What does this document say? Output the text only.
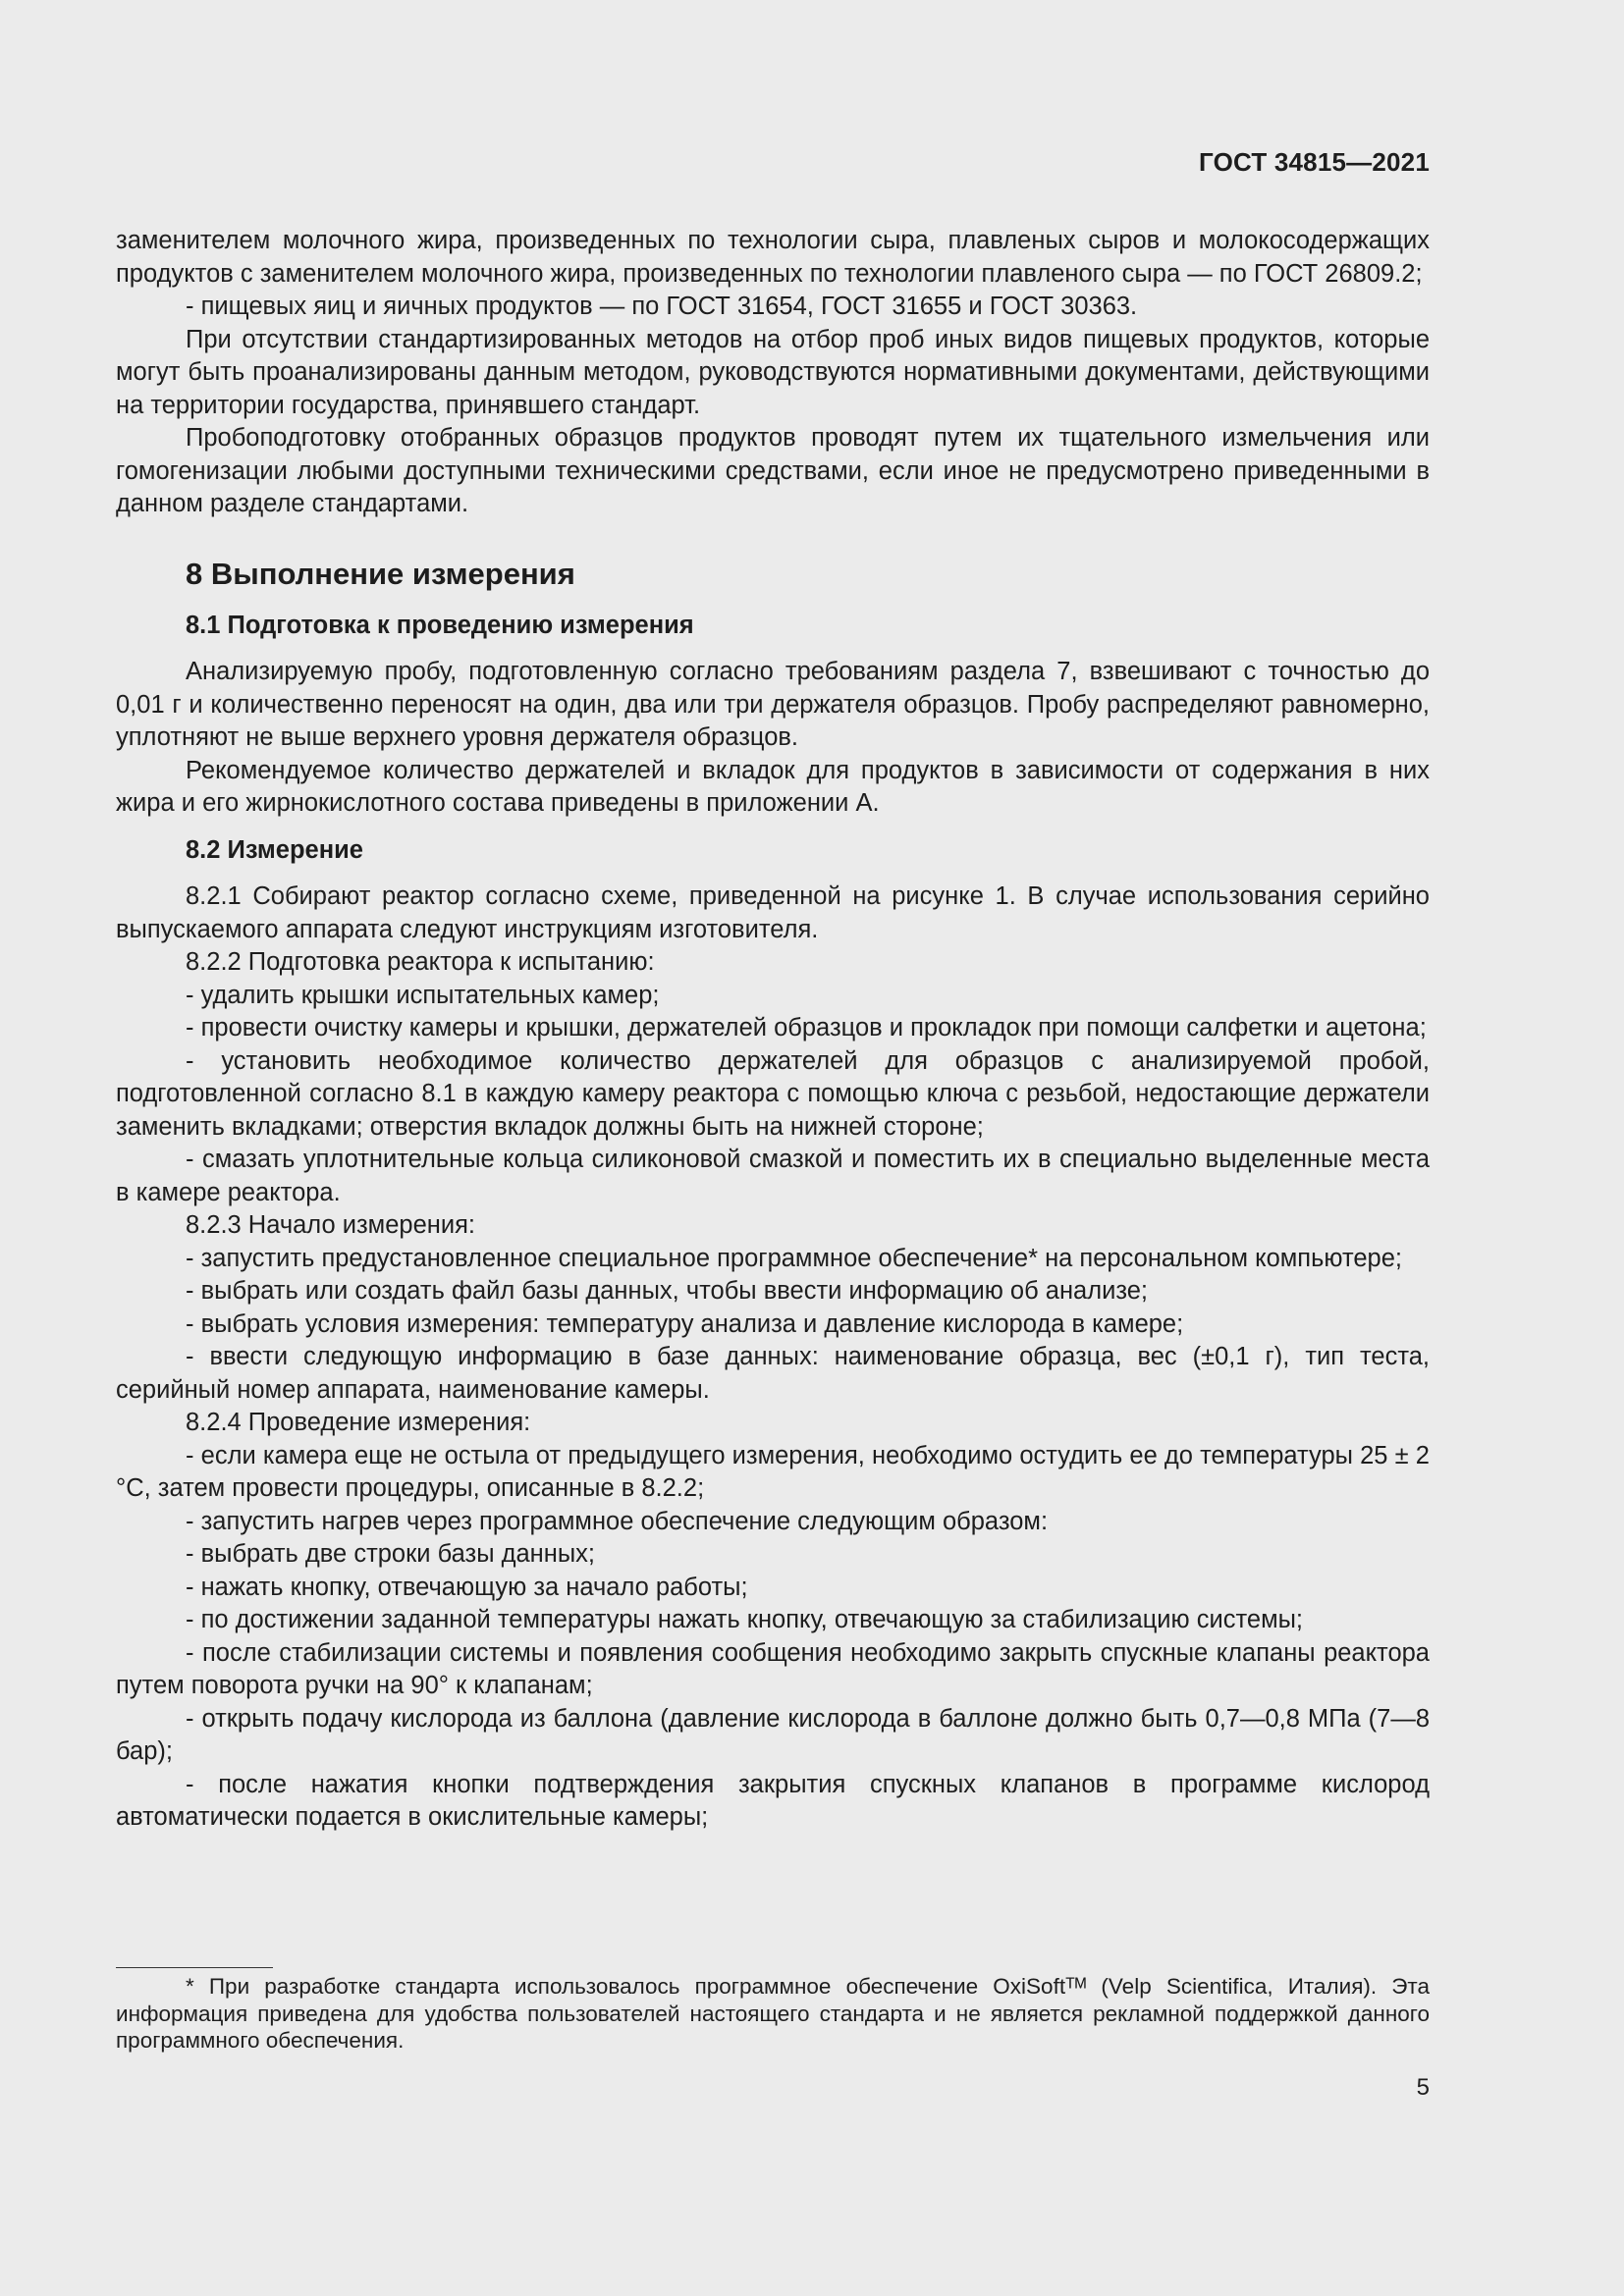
ГОСТ 34815—2021

заменителем молочного жира, произведенных по технологии сыра, плавленых сыров и молокосодержащих продуктов с заменителем молочного жира, произведенных по технологии плавленого сыра — по ГОСТ 26809.2;

- пищевых яиц и яичных продуктов — по ГОСТ 31654, ГОСТ 31655 и ГОСТ 30363.

При отсутствии стандартизированных методов на отбор проб иных видов пищевых продуктов, которые могут быть проанализированы данным методом, руководствуются нормативными документами, действующими на территории государства, принявшего стандарт.

Пробоподготовку отобранных образцов продуктов проводят путем их тщательного измельчения или гомогенизации любыми доступными техническими средствами, если иное не предусмотрено приведенными в данном разделе стандартами.

8 Выполнение измерения

8.1 Подготовка к проведению измерения

Анализируемую пробу, подготовленную согласно требованиям раздела 7, взвешивают с точностью до 0,01 г и количественно переносят на один, два или три держателя образцов. Пробу распределяют равномерно, уплотняют не выше верхнего уровня держателя образцов.

Рекомендуемое количество держателей и вкладок для продуктов в зависимости от содержания в них жира и его жирнокислотного состава приведены в приложении А.

8.2 Измерение

8.2.1 Собирают реактор согласно схеме, приведенной на рисунке 1. В случае использования серийно выпускаемого аппарата следуют инструкциям изготовителя.

8.2.2 Подготовка реактора к испытанию:

- удалить крышки испытательных камер;

- провести очистку камеры и крышки, держателей образцов и прокладок при помощи салфетки и ацетона;

- установить необходимое количество держателей для образцов с анализируемой пробой, подготовленной согласно 8.1 в каждую камеру реактора с помощью ключа с резьбой, недостающие держатели заменить вкладками; отверстия вкладок должны быть на нижней стороне;

- смазать уплотнительные кольца силиконовой смазкой и поместить их в специально выделенные места в камере реактора.

8.2.3 Начало измерения:

- запустить предустановленное специальное программное обеспечение* на персональном компьютере;

- выбрать или создать файл базы данных, чтобы ввести информацию об анализе;

- выбрать условия измерения: температуру анализа и давление кислорода в камере;

- ввести следующую информацию в базе данных: наименование образца, вес (±0,1 г), тип теста, серийный номер аппарата, наименование камеры.

8.2.4 Проведение измерения:

- если камера еще не остыла от предыдущего измерения, необходимо остудить ее до температуры 25 ± 2 °С, затем провести процедуры, описанные в 8.2.2;

- запустить нагрев через программное обеспечение следующим образом:

- выбрать две строки базы данных;

- нажать кнопку, отвечающую за начало работы;

- по достижении заданной температуры нажать кнопку, отвечающую за стабилизацию системы;

- после стабилизации системы и появления сообщения необходимо закрыть спускные клапаны реактора путем поворота ручки на 90° к клапанам;

- открыть подачу кислорода из баллона (давление кислорода в баллоне должно быть 0,7—0,8 МПа (7—8 бар);

- после нажатия кнопки подтверждения закрытия спускных клапанов в программе кислород автоматически подается в окислительные камеры;

* При разработке стандарта использовалось программное обеспечение OxiSoftᵀᴹ (Velp Scientifica, Италия). Эта информация приведена для удобства пользователей настоящего стандарта и не является рекламной поддержкой данного программного обеспечения.

5
